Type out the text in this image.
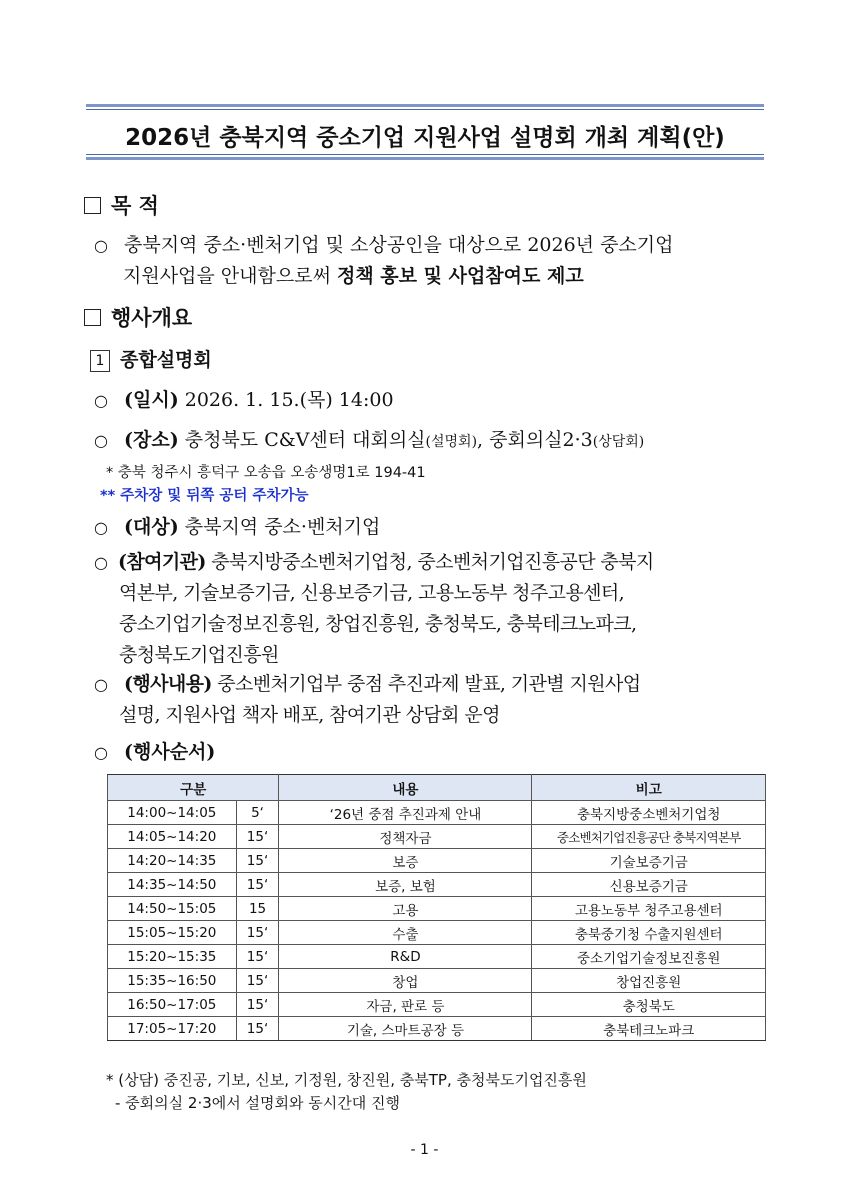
2026년 충북지역 중소기업 지원사업 설명회 개최 계획(안)
목 적
○ 충북지역 중소·벤처기업 및 소상공인을 대상으로 2026년 중소기업
지원사업을 안내함으로써 정책 홍보 및 사업참여도 제고
행사개요
1 종합설명회
○ (일시) 2026. 1. 15.(목) 14:00
○ (장소) 충청북도 C&V센터 대회의실(설명회), 중회의실2·3(상담회)
* 충북 청주시 흥덕구 오송읍 오송생명1로 194-41
** 주차장 및 뒤쪽 공터 주차가능
○ (대상) 충북지역 중소·벤처기업
○ (참여기관) 충북지방중소벤처기업청, 중소벤처기업진흥공단 충북지
역본부, 기술보증기금, 신용보증기금, 고용노동부 청주고용센터,
중소기업기술정보진흥원, 창업진흥원, 충청북도, 충북테크노파크,
충청북도기업진흥원
○ (행사내용) 중소벤처기업부 중점 추진과제 발표, 기관별 지원사업
설명, 지원사업 책자 배포, 참여기관 상담회 운영
○ (행사순서)
구분		내용	비고
14:00~14:05	5‘	‘26년 중점 추진과제 안내	충북지방중소벤처기업청
14:05~14:20	15‘	정책자금	중소벤처기업진흥공단 충북지역본부
14:20~14:35	15‘	보증	기술보증기금
14:35~14:50	15‘	보증, 보험	신용보증기금
14:50~15:05	15	고용	고용노동부 청주고용센터
15:05~15:20	15‘	수출	충북중기청 수출지원센터
15:20~15:35	15‘	R&D	중소기업기술정보진흥원
15:35~16:50	15‘	창업	창업진흥원
16:50~17:05	15‘	자금, 판로 등	충청북도
17:05~17:20	15‘	기술, 스마트공장 등	충북테크노파크
* (상담) 중진공, 기보, 신보, 기정원, 창진원, 충북TP, 충청북도기업진흥원
- 중회의실 2·3에서 설명회와 동시간대 진행
- 1 -
